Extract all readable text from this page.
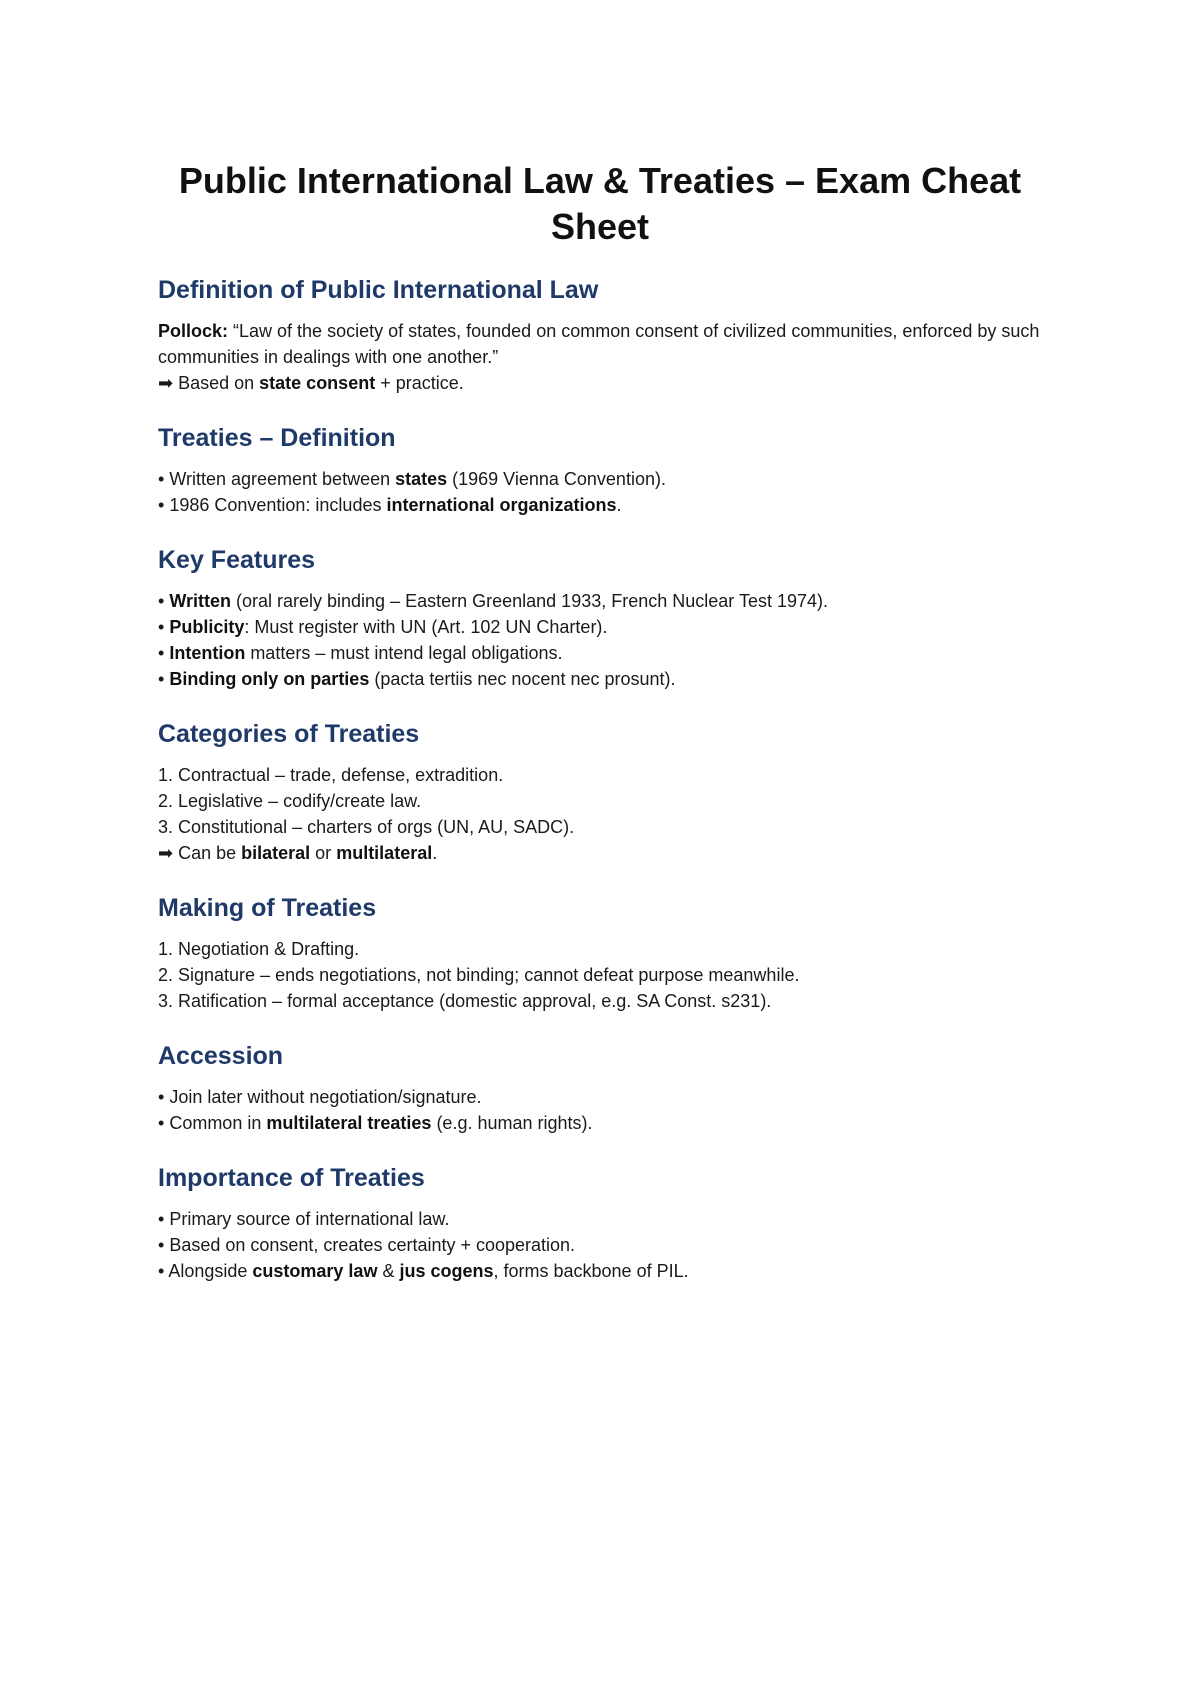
Public International Law & Treaties – Exam Cheat Sheet
Definition of Public International Law
Pollock: “Law of the society of states, founded on common consent of civilized communities, enforced by such communities in dealings with one another.”
➡ Based on state consent + practice.
Treaties – Definition
• Written agreement between states (1969 Vienna Convention).
• 1986 Convention: includes international organizations.
Key Features
• Written (oral rarely binding – Eastern Greenland 1933, French Nuclear Test 1974).
• Publicity: Must register with UN (Art. 102 UN Charter).
• Intention matters – must intend legal obligations.
• Binding only on parties (pacta tertiis nec nocent nec prosunt).
Categories of Treaties
1. Contractual – trade, defense, extradition.
2. Legislative – codify/create law.
3. Constitutional – charters of orgs (UN, AU, SADC).
➡ Can be bilateral or multilateral.
Making of Treaties
1. Negotiation & Drafting.
2. Signature – ends negotiations, not binding; cannot defeat purpose meanwhile.
3. Ratification – formal acceptance (domestic approval, e.g. SA Const. s231).
Accession
• Join later without negotiation/signature.
• Common in multilateral treaties (e.g. human rights).
Importance of Treaties
• Primary source of international law.
• Based on consent, creates certainty + cooperation.
• Alongside customary law & jus cogens, forms backbone of PIL.
